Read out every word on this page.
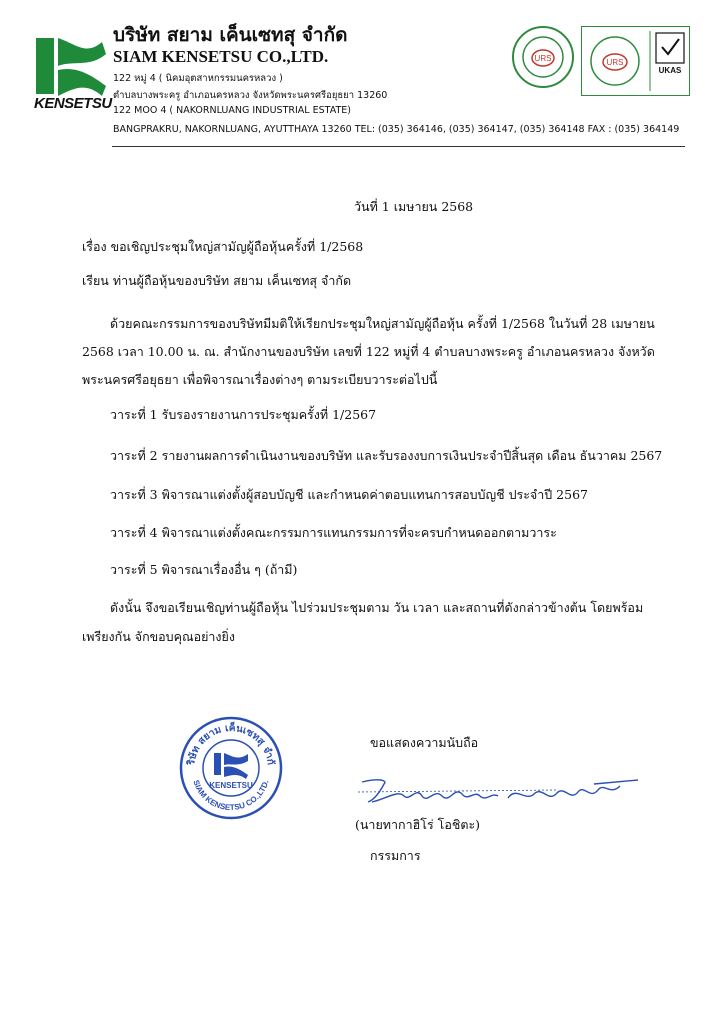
KENSETSU
บริษัท สยาม เค็นเซทสุ จำกัด
SIAM KENSETSU CO.,LTD.
122 หมู่ 4 ( นิคมอุตสาหกรรมนครหลวง )
ตำบลบางพระครู อำเภอนครหลวง จังหวัดพระนครศรีอยุธยา 13260
122 MOO 4 ( NAKORNLUANG INDUSTRIAL ESTATE)
BANGPRAKRU, NAKORNLUANG, AYUTTHAYA 13260 TEL: (035) 364146, (035) 364147, (035) 364148 FAX : (035) 364149
URS	URS
UKAS
วันที่ 1 เมษายน 2568
เรื่อง ขอเชิญประชุมใหญ่สามัญผู้ถือหุ้นครั้งที่ 1/2568
เรียน ท่านผู้ถือหุ้นของบริษัท สยาม เค็นเซทสุ จำกัด
ด้วยคณะกรรมการของบริษัทมีมติให้เรียกประชุมใหญ่สามัญผู้ถือหุ้น ครั้งที่ 1/2568 ในวันที่ 28 เมษายน
2568 เวลา 10.00 น. ณ. สำนักงานของบริษัท เลขที่ 122 หมู่ที่ 4 ตำบลบางพระครู อำเภอนครหลวง จังหวัด
พระนครศรีอยุธยา เพื่อพิจารณาเรื่องต่างๆ ตามระเบียบวาระต่อไปนี้
วาระที่ 1 รับรองรายงานการประชุมครั้งที่ 1/2567
วาระที่ 2 รายงานผลการดำเนินงานของบริษัท และรับรองงบการเงินประจำปีสิ้นสุด เดือน ธันวาคม 2567
วาระที่ 3 พิจารณาแต่งตั้งผู้สอบบัญชี และกำหนดค่าตอบแทนการสอบบัญชี ประจำปี 2567
วาระที่ 4 พิจารณาแต่งตั้งคณะกรรมการแทนกรรมการที่จะครบกำหนดออกตามวาระ
วาระที่ 5 พิจารณาเรื่องอื่น ๆ (ถ้ามี)
ดังนั้น จึงขอเรียนเชิญท่านผู้ถือหุ้น ไปร่วมประชุมตาม วัน เวลา และสถานที่ดังกล่าวข้างต้น โดยพร้อม
เพรียงกัน จักขอบคุณอย่างยิ่ง
ริษัท สยาม เค็นเซทสุ จำกั
SIAM KENSETSU CO.,LTD.
KENSETSU
ขอแสดงความนับถือ
(นายทากาฮิโร่ โอชิตะ)
กรรมการ
